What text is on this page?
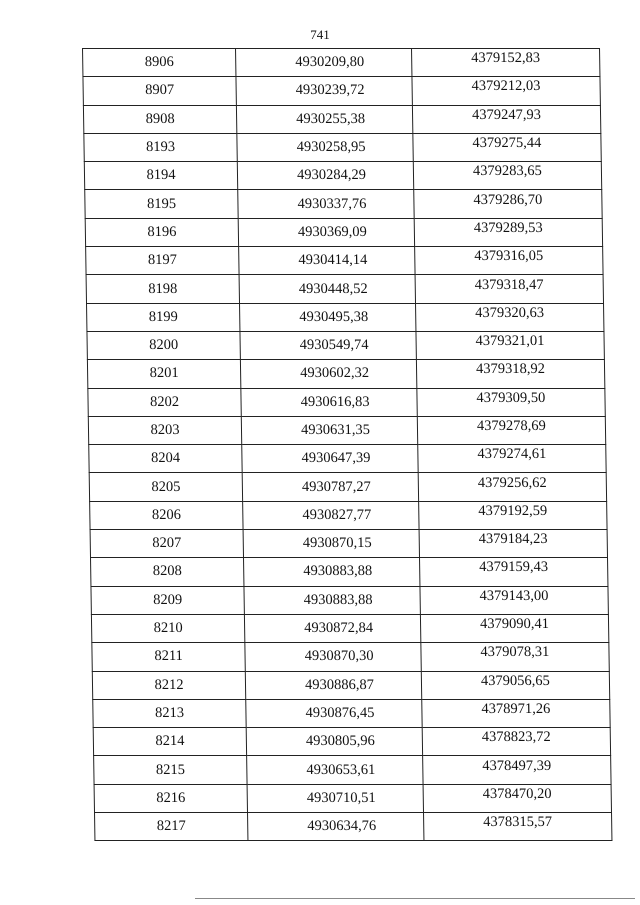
741
8906	4930209,80	4379152,83
8907	4930239,72	4379212,03
8908	4930255,38	4379247,93
8193	4930258,95	4379275,44
8194	4930284,29	4379283,65
8195	4930337,76	4379286,70
8196	4930369,09	4379289,53
8197	4930414,14	4379316,05
8198	4930448,52	4379318,47
8199	4930495,38	4379320,63
8200	4930549,74	4379321,01
8201	4930602,32	4379318,92
8202	4930616,83	4379309,50
8203	4930631,35	4379278,69
8204	4930647,39	4379274,61
8205	4930787,27	4379256,62
8206	4930827,77	4379192,59
8207	4930870,15	4379184,23
8208	4930883,88	4379159,43
8209	4930883,88	4379143,00
8210	4930872,84	4379090,41
8211	4930870,30	4379078,31
8212	4930886,87	4379056,65
8213	4930876,45	4378971,26
8214	4930805,96	4378823,72
8215	4930653,61	4378497,39
8216	4930710,51	4378470,20
8217	4930634,76	4378315,57
